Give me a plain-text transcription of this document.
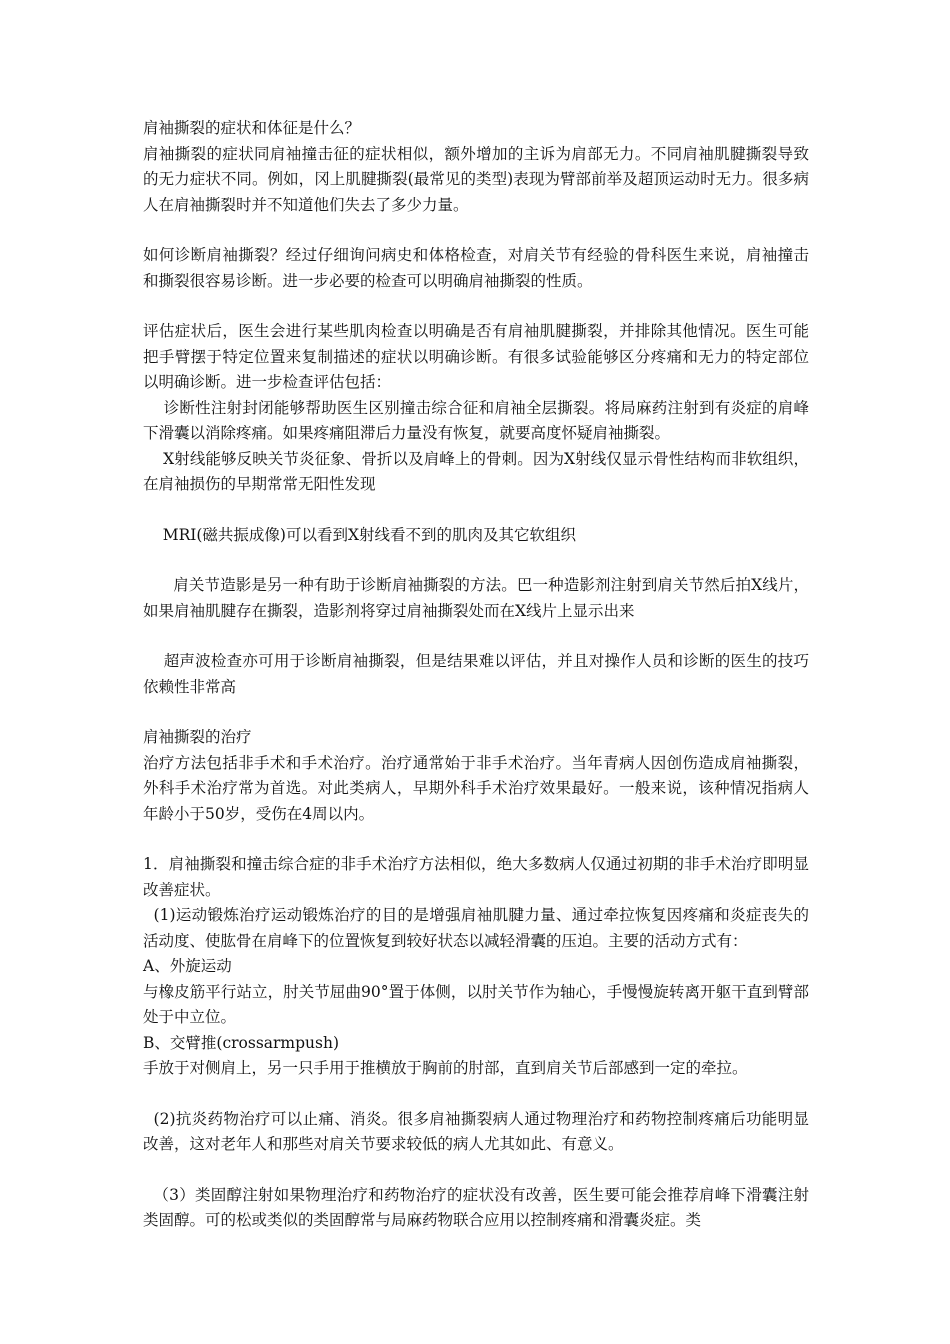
肩袖撕裂的症状和体征是什么？

肩袖撕裂的症状同肩袖撞击征的症状相似，额外增加的主诉为肩部无力。不同肩袖肌腱撕裂导致的无力症状不同。例如，冈上肌腱撕裂(最常见的类型)表现为臂部前举及超顶运动时无力。很多病人在肩袖撕裂时并不知道他们失去了多少力量。

如何诊断肩袖撕裂？经过仔细询问病史和体格检查，对肩关节有经验的骨科医生来说，肩袖撞击和撕裂很容易诊断。进一步必要的检查可以明确肩袖撕裂的性质。

评估症状后，医生会进行某些肌肉检查以明确是否有肩袖肌腱撕裂，并排除其他情况。医生可能把手臂摆于特定位置来复制描述的症状以明确诊断。有很多试验能够区分疼痛和无力的特定部位以明确诊断。进一步检查评估包括：

诊断性注射封闭能够帮助医生区别撞击综合征和肩袖全层撕裂。将局麻药注射到有炎症的肩峰下滑囊以消除疼痛。如果疼痛阻滞后力量没有恢复，就要高度怀疑肩袖撕裂。

X射线能够反映关节炎征象、骨折以及肩峰上的骨刺。因为X射线仅显示骨性结构而非软组织，在肩袖损伤的早期常常无阳性发现

MRI(磁共振成像)可以看到X射线看不到的肌肉及其它软组织

肩关节造影是另一种有助于诊断肩袖撕裂的方法。巴一种造影剂注射到肩关节然后拍X线片，如果肩袖肌腱存在撕裂，造影剂将穿过肩袖撕裂处而在X线片上显示出来

超声波检查亦可用于诊断肩袖撕裂，但是结果难以评估，并且对操作人员和诊断的医生的技巧依赖性非常高

肩袖撕裂的治疗

治疗方法包括非手术和手术治疗。治疗通常始于非手术治疗。当年青病人因创伤造成肩袖撕裂，外科手术治疗常为首选。对此类病人，早期外科手术治疗效果最好。一般来说，该种情况指病人年龄小于50岁，受伤在4周以内。

1．肩袖撕裂和撞击综合症的非手术治疗方法相似，绝大多数病人仅通过初期的非手术治疗即明显改善症状。

(1)运动锻炼治疗运动锻炼治疗的目的是增强肩袖肌腱力量、通过牵拉恢复因疼痛和炎症丧失的活动度、使肱骨在肩峰下的位置恢复到较好状态以减轻滑囊的压迫。主要的活动方式有：

A、外旋运动

与橡皮筋平行站立，肘关节屈曲90°置于体侧，以肘关节作为轴心，手慢慢旋转离开躯干直到臂部处于中立位。

B、交臂推(crossarmpush)

手放于对侧肩上，另一只手用于推横放于胸前的肘部，直到肩关节后部感到一定的牵拉。

(2)抗炎药物治疗可以止痛、消炎。很多肩袖撕裂病人通过物理治疗和药物控制疼痛后功能明显改善，这对老年人和那些对肩关节要求较低的病人尤其如此、有意义。

（3）类固醇注射如果物理治疗和药物治疗的症状没有改善，医生要可能会推荐肩峰下滑囊注射类固醇。可的松或类似的类固醇常与局麻药物联合应用以控制疼痛和滑囊炎症。类
